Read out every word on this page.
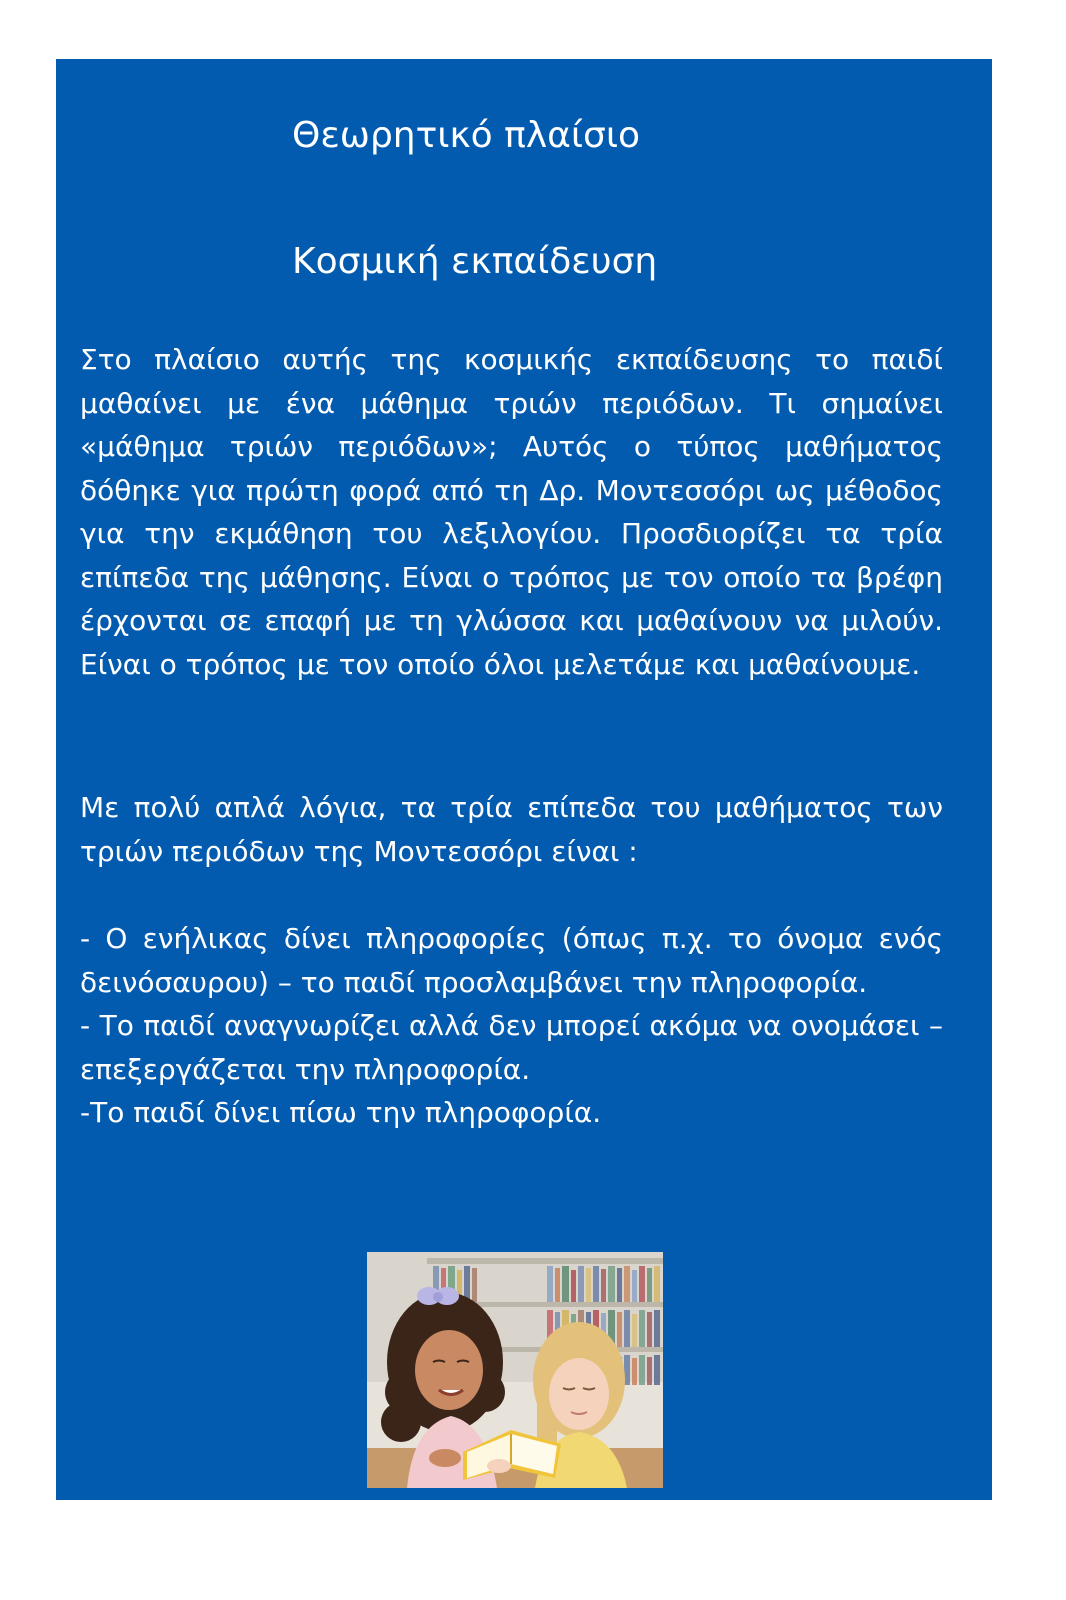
Θεωρητικό πλαίσιο
Κοσμική εκπαίδευση

Στο πλαίσιο αυτής της κοσμικής εκπαίδευσης το παιδί μαθαίνει με ένα μάθημα τριών περιόδων. Τι σημαίνει «μάθημα τριών περιόδων»; Αυτός ο τύπος μαθήματος δόθηκε για πρώτη φορά από τη Δρ. Μοντεσσόρι ως μέθοδος για την εκμάθηση του λεξιλογίου. Προσδιορίζει τα τρία επίπεδα της μάθησης. Είναι ο τρόπος με τον οποίο τα βρέφη έρχονται σε επαφή με τη γλώσσα και μαθαίνουν να μιλούν. Είναι ο τρόπος με τον οποίο όλοι μελετάμε και μαθαίνουμε.

Με πολύ απλά λόγια, τα τρία επίπεδα του μαθήματος των τριών περιόδων της Μοντεσσόρι είναι :

- Ο ενήλικας δίνει πληροφορίες (όπως π.χ. το όνομα ενός δεινόσαυρου) – το παιδί προσλαμβάνει την πληροφορία.
- Το παιδί αναγνωρίζει αλλά δεν μπορεί ακόμα να ονομάσει –επεξεργάζεται την πληροφορία.
-Το παιδί δίνει πίσω την πληροφορία.
